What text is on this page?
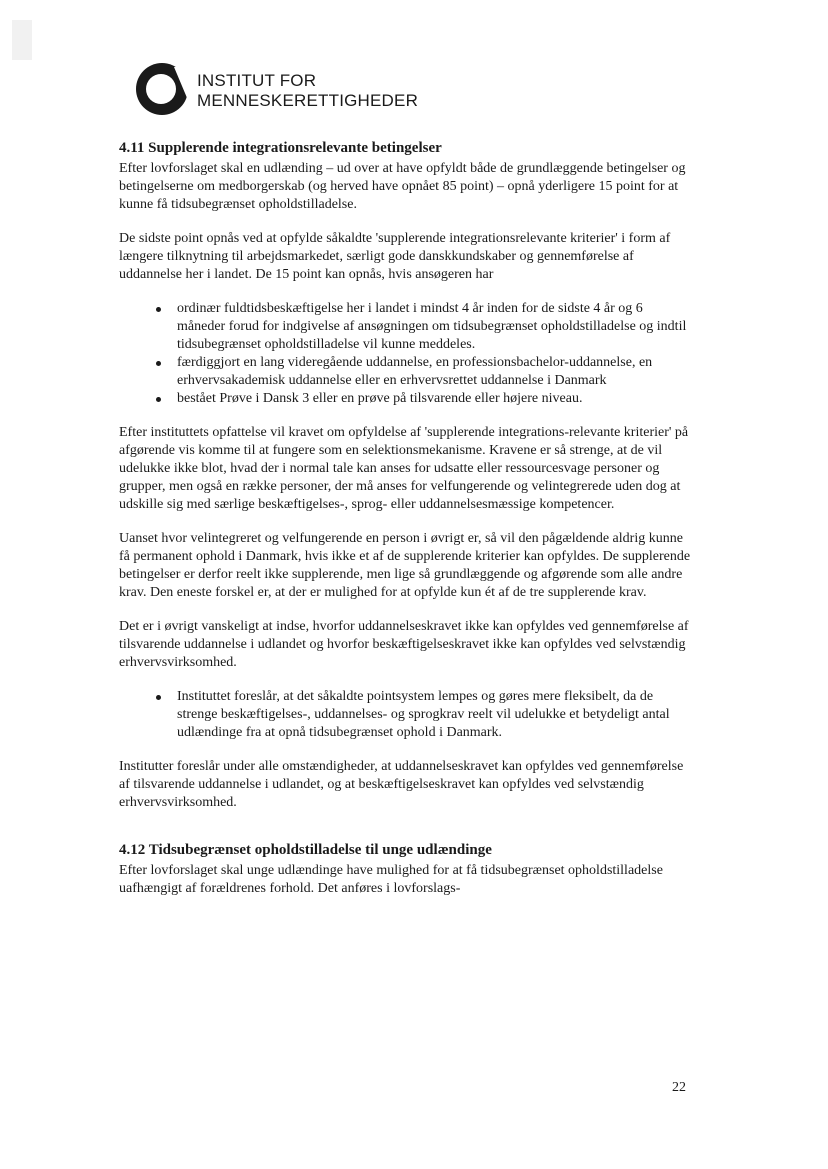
INSTITUT FOR
MENNESKERETTIGHEDER
4.11 Supplerende integrationsrelevante betingelser

Efter lovforslaget skal en udlænding – ud over at have opfyldt både de grundlæggende betingelser og betingelserne om medborgerskab (og herved have opnået 85 point) – opnå yderligere 15 point for at kunne få tidsubegrænset opholdstilladelse.

De sidste point opnås ved at opfylde såkaldte 'supplerende integrationsrelevante kriterier' i form af længere tilknytning til arbejdsmarkedet, særligt gode danskkundskaber og gennemførelse af uddannelse her i landet. De 15 point kan opnås, hvis ansøgeren har

ordinær fuldtidsbeskæftigelse her i landet i mindst 4 år inden for de sidste 4 år og 6 måneder forud for indgivelse af ansøgningen om tidsubegrænset opholdstilladelse og indtil tidsubegrænset opholdstilladelse vil kunne meddeles.
færdiggjort en lang videregående uddannelse, en professionsbachelor-uddannelse, en erhvervsakademisk uddannelse eller en erhvervsrettet uddannelse i Danmark
bestået Prøve i Dansk 3 eller en prøve på tilsvarende eller højere niveau.

Efter instituttets opfattelse vil kravet om opfyldelse af 'supplerende integrations-relevante kriterier' på afgørende vis komme til at fungere som en selektionsmekanisme. Kravene er så strenge, at de vil udelukke ikke blot, hvad der i normal tale kan anses for udsatte eller ressourcesvage personer og grupper, men også en række personer, der må anses for velfungerende og velintegrerede uden dog at udskille sig med særlige beskæftigelses-, sprog- eller uddannelsesmæssige kompetencer.

Uanset hvor velintegreret og velfungerende en person i øvrigt er, så vil den pågældende aldrig kunne få permanent ophold i Danmark, hvis ikke et af de supplerende kriterier kan opfyldes. De supplerende betingelser er derfor reelt ikke supplerende, men lige så grundlæggende og afgørende som alle andre krav. Den eneste forskel er, at der er mulighed for at opfylde kun ét af de tre supplerende krav.

Det er i øvrigt vanskeligt at indse, hvorfor uddannelseskravet ikke kan opfyldes ved gennemførelse af tilsvarende uddannelse i udlandet og hvorfor beskæftigelseskravet ikke kan opfyldes ved selvstændig erhvervsvirksomhed.

Instituttet foreslår, at det såkaldte pointsystem lempes og gøres mere fleksibelt, da de strenge beskæftigelses-, uddannelses- og sprogkrav reelt vil udelukke et betydeligt antal udlændinge fra at opnå tidsubegrænset ophold i Danmark.

Institutter foreslår under alle omstændigheder, at uddannelseskravet kan opfyldes ved gennemførelse af tilsvarende uddannelse i udlandet, og at beskæftigelseskravet kan opfyldes ved selvstændig erhvervsvirksomhed.

4.12 Tidsubegrænset opholdstilladelse til unge udlændinge

Efter lovforslaget skal unge udlændinge have mulighed for at få tidsubegrænset opholdstilladelse uafhængigt af forældrenes forhold. Det anføres i lovforslags-

22
